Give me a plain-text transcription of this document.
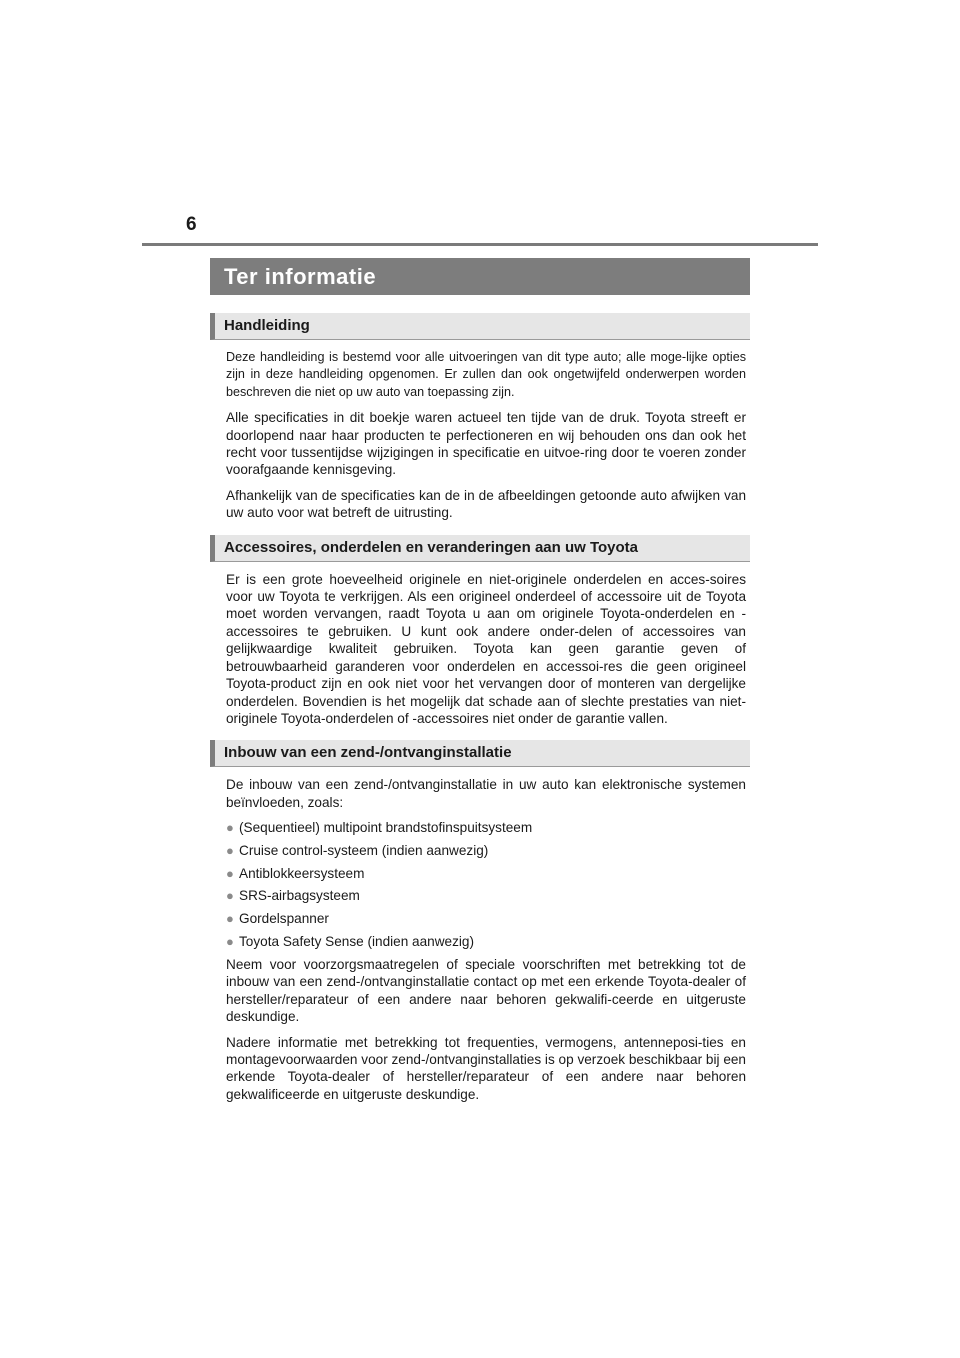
6
Ter informatie
Handleiding

Deze handleiding is bestemd voor alle uitvoeringen van dit type auto; alle moge-lijke opties zijn in deze handleiding opgenomen. Er zullen dan ook ongetwijfeld onderwerpen worden beschreven die niet op uw auto van toepassing zijn.

Alle specificaties in dit boekje waren actueel ten tijde van de druk. Toyota streeft er doorlopend naar haar producten te perfectioneren en wij behouden ons dan ook het recht voor tussentijdse wijzigingen in specificatie en uitvoe-ring door te voeren zonder voorafgaande kennisgeving.

Afhankelijk van de specificaties kan de in de afbeeldingen getoonde auto afwijken van uw auto voor wat betreft de uitrusting.

Accessoires, onderdelen en veranderingen aan uw Toyota

Er is een grote hoeveelheid originele en niet-originele onderdelen en acces-soires voor uw Toyota te verkrijgen. Als een origineel onderdeel of accessoire uit de Toyota moet worden vervangen, raadt Toyota u aan om originele Toyota-onderdelen en -accessoires te gebruiken. U kunt ook andere onder-delen of accessoires van gelijkwaardige kwaliteit gebruiken. Toyota kan geen garantie geven of betrouwbaarheid garanderen voor onderdelen en accessoi-res die geen origineel Toyota-product zijn en ook niet voor het vervangen door of monteren van dergelijke onderdelen. Bovendien is het mogelijk dat schade aan of slechte prestaties van niet-originele Toyota-onderdelen of -accessoires niet onder de garantie vallen.

Inbouw van een zend-/ontvanginstallatie

De inbouw van een zend-/ontvanginstallatie in uw auto kan elektronische systemen beïnvloeden, zoals:

● (Sequentieel) multipoint brandstofinspuitsysteem
● Cruise control-systeem (indien aanwezig)
● Antiblokkeersysteem
● SRS-airbagsysteem
● Gordelspanner
● Toyota Safety Sense (indien aanwezig)

Neem voor voorzorgsmaatregelen of speciale voorschriften met betrekking tot de inbouw van een zend-/ontvanginstallatie contact op met een erkende Toyota-dealer of hersteller/reparateur of een andere naar behoren gekwalifi-ceerde en uitgeruste deskundige.

Nadere informatie met betrekking tot frequenties, vermogens, antenneposi-ties en montagevoorwaarden voor zend-/ontvanginstallaties is op verzoek beschikbaar bij een erkende Toyota-dealer of hersteller/reparateur of een andere naar behoren gekwalificeerde en uitgeruste deskundige.
